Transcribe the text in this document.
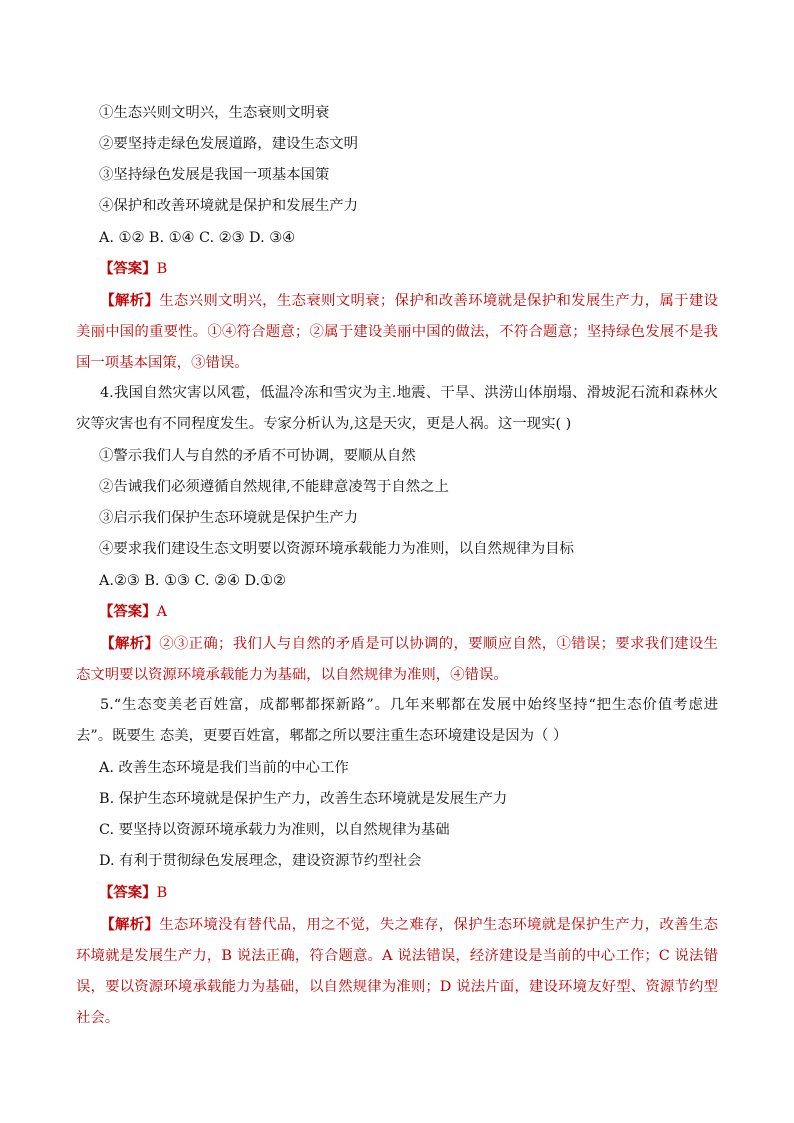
①生态兴则文明兴，生态衰则文明衰
②要坚持走绿色发展道路，建设生态文明
③坚持绿色发展是我国一项基本国策
④保护和改善环境就是保护和发展生产力
A. ①② B. ①④ C. ②③ D. ③④
【答案】B
【解析】生态兴则文明兴，生态衰则文明衰；保护和改善环境就是保护和发展生产力，属于建设美丽中国的重要性。①④符合题意；②属于建设美丽中国的做法，不符合题意；坚持绿色发展不是我国一项基本国策，③错误。
4.我国自然灾害以风雹，低温冷冻和雪灾为主.地震、干旱、洪涝山体崩塌、滑坡泥石流和森林火灾等灾害也有不同程度发生。专家分析认为,这是天灾，更是人祸。这一现实( )
①警示我们人与自然的矛盾不可协调，要顺从自然
②告诫我们必须遵循自然规律,不能肆意凌驾于自然之上
③启示我们保护生态环境就是保护生产力
④要求我们建设生态文明要以资源环境承载能力为准则，以自然规律为目标
A.②③ B. ①③ C. ②④ D.①②
【答案】A
【解析】②③正确；我们人与自然的矛盾是可以协调的，要顺应自然，①错误；要求我们建设生态文明要以资源环境承载能力为基础，以自然规律为准则，④错误。
5.“生态变美老百姓富，成都郫都探新路”。几年来郫都在发展中始终坚持“把生态价值考虑进去”。既要生 态美，更要百姓富，郫都之所以要注重生态环境建设是因为（ ）
A. 改善生态环境是我们当前的中心工作
B. 保护生态环境就是保护生产力，改善生态环境就是发展生产力
C. 要坚持以资源环境承载力为准则，以自然规律为基础
D. 有利于贯彻绿色发展理念，建设资源节约型社会
【答案】B
【解析】生态环境没有替代品，用之不觉，失之难存，保护生态环境就是保护生产力，改善生态环境就是发展生产力，B 说法正确，符合题意。A 说法错误，经济建设是当前的中心工作；C 说法错误，要以资源环境承载能力为基础，以自然规律为准则；D 说法片面，建设环境友好型、资源节约型社会。
